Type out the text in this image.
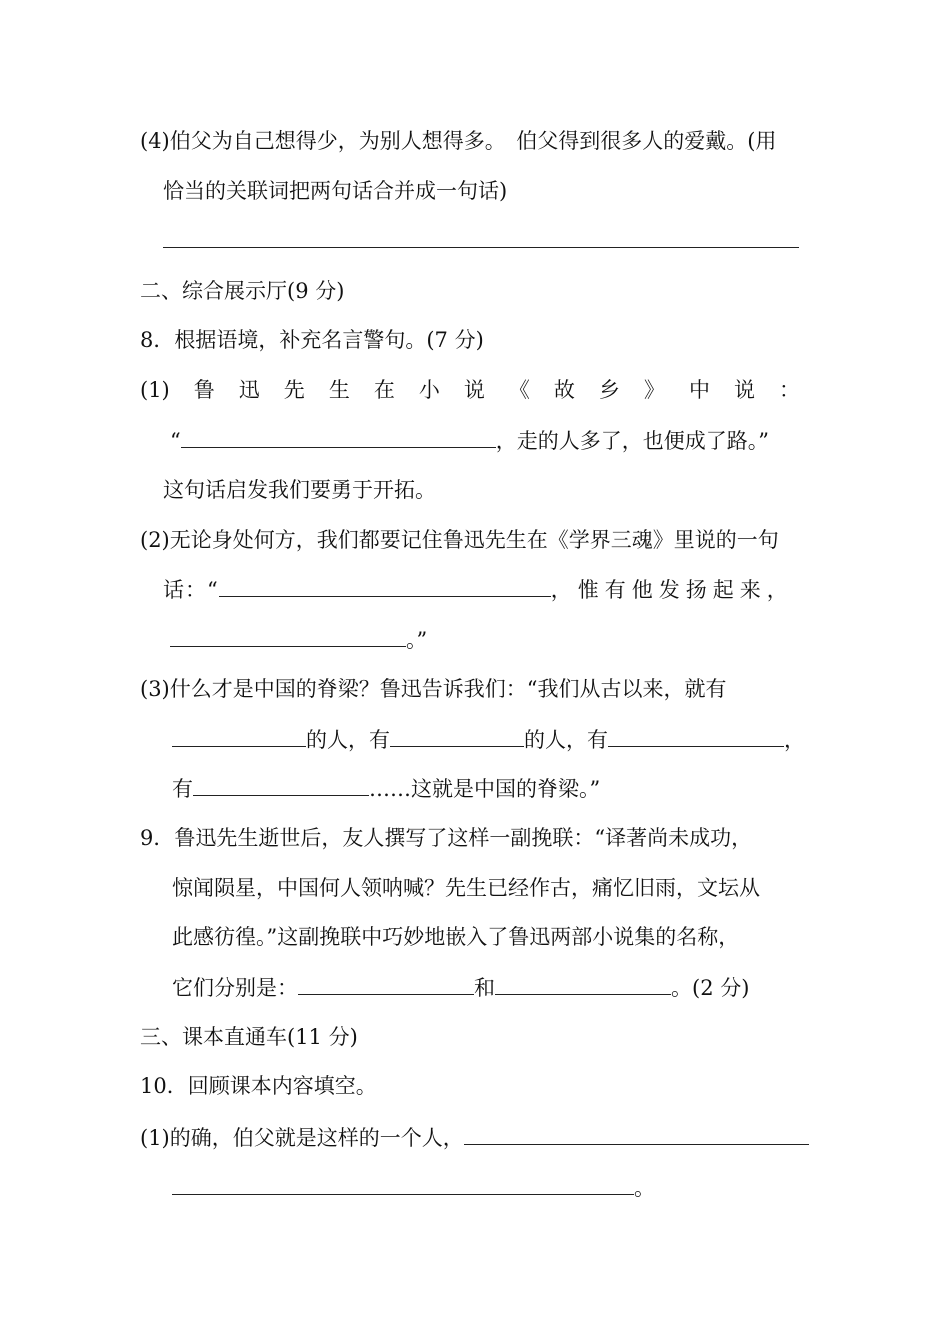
(4)伯父为自己想得少，为别人想得多。　伯父得到很多人的爱戴。(用
恰当的关联词把两句话合并成一句话)
二、综合展示厅(9 分)
8．根据语境，补充名言警句。(7 分)
(1) 鲁 迅 先 生 在 小 说 《 故 乡 》 中 说 ：
“	，走的人多了，也便成了路。”
这句话启发我们要勇于开拓。
(2)无论身处何方，我们都要记住鲁迅先生在《学界三魂》里说的一句
话：“	，惟有他发扬起来，
。”
(3)什么才是中国的脊梁？鲁迅告诉我们：“我们从古以来，就有
的人，有	的人，有	，
有	……这就是中国的脊梁。”
9．鲁迅先生逝世后，友人撰写了这样一副挽联：“译著尚未成功，
惊闻陨星，中国何人领呐喊？先生已经作古，痛忆旧雨，文坛从
此感彷徨。”这副挽联中巧妙地嵌入了鲁迅两部小说集的名称，
它们分别是：	和	。(2 分)
三、课本直通车(11 分)
10．回顾课本内容填空。
(1)的确，伯父就是这样的一个人，
。
